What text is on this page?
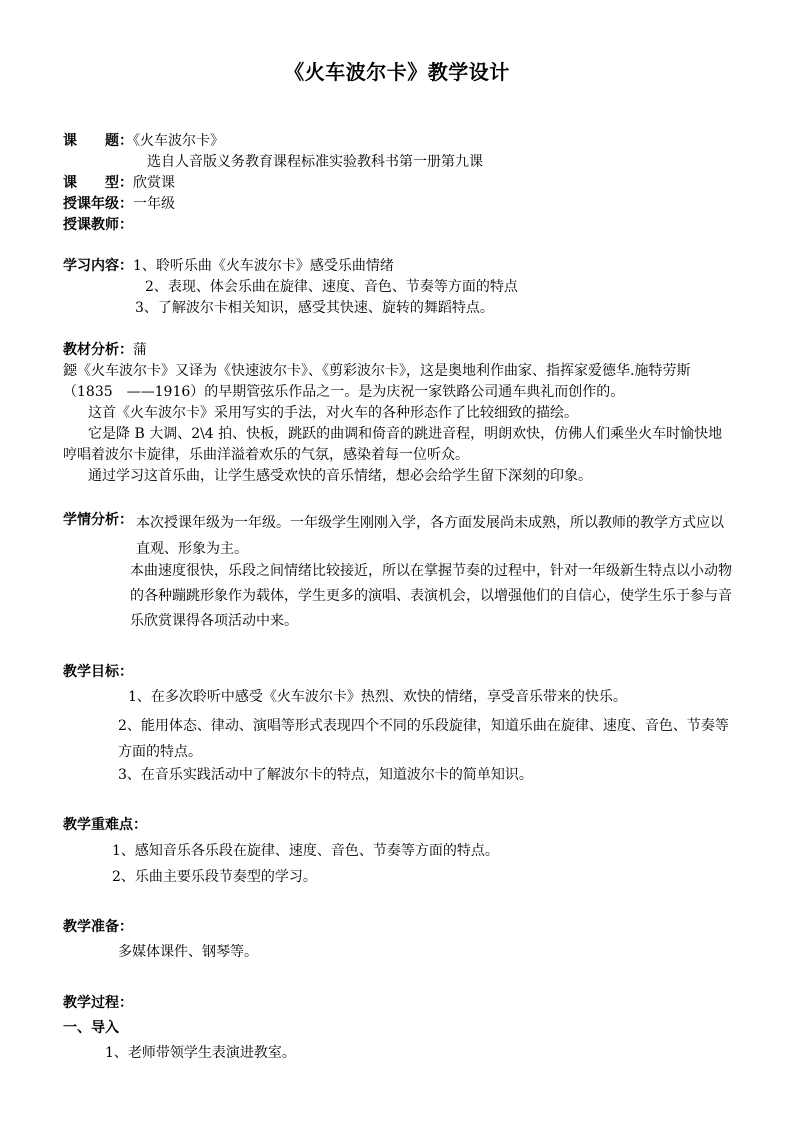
《火车波尔卡》教学设计
课　　题：《火车波尔卡》
选自人音版义务教育课程标准实验教科书第一册第九课
课　　型：欣赏课
授课年级：一年级
授课教师：
学习内容：1、聆听乐曲《火车波尔卡》感受乐曲情绪
2、表现、体会乐曲在旋律、速度、音色、节奏等方面的特点
3、了解波尔卡相关知识，感受其快速、旋转的舞蹈特点。
教材分析：蒲
鐚《火车波尔卡》又译为《快速波尔卡》、《剪彩波尔卡》，这是奥地利作曲家、指挥家爱德华.施特劳斯（1835　——1916）的早期管弦乐作品之一。是为庆祝一家铁路公司通车典礼而创作的。
这首《火车波尔卡》采用写实的手法，对火车的各种形态作了比较细致的描绘。
它是降 B 大调、2\4 拍、快板，跳跃的曲调和倚音的跳进音程，明朗欢快，仿佛人们乘坐火车时愉快地哼唱着波尔卡旋律，乐曲洋溢着欢乐的气氛，感染着每一位听众。
通过学习这首乐曲，让学生感受欢快的音乐情绪，想必会给学生留下深刻的印象。
学情分析： 本次授课年级为一年级。一年级学生刚刚入学，各方面发展尚未成熟，所以教师的教学方式应以直观、形象为主。
本曲速度很快，乐段之间情绪比较接近，所以在掌握节奏的过程中，针对一年级新生特点以小动物的各种蹦跳形象作为载体，学生更多的演唱、表演机会，以增强他们的自信心，使学生乐于参与音乐欣赏课得各项活动中来。
教学目标：
1、在多次聆听中感受《火车波尔卡》热烈、欢快的情绪，享受音乐带来的快乐。
2、能用体态、律动、演唱等形式表现四个不同的乐段旋律，知道乐曲在旋律、速度、音色、节奏等方面的特点。
3、在音乐实践活动中了解波尔卡的特点，知道波尔卡的简单知识。
教学重难点：
1、感知音乐各乐段在旋律、速度、音色、节奏等方面的特点。
2、乐曲主要乐段节奏型的学习。
教学准备：
多媒体课件、钢琴等。
教学过程：
一、导入
1、老师带领学生表演进教室。
